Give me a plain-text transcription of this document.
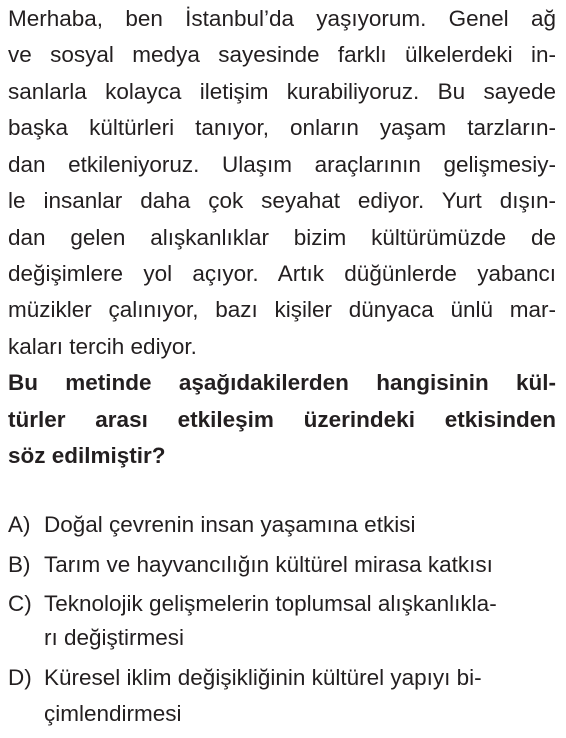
Merhaba, ben İstanbul’da yaşıyorum. Genel ağ
ve sosyal medya sayesinde farklı ülkelerdeki in-
sanlarla kolayca iletişim kurabiliyoruz. Bu sayede
başka kültürleri tanıyor, onların yaşam tarzların-
dan etkileniyoruz. Ulaşım araçlarının gelişmesiy-
le insanlar daha çok seyahat ediyor. Yurt dışın-
dan gelen alışkanlıklar bizim kültürümüzde de
değişimlere yol açıyor. Artık düğünlerde yabancı
müzikler çalınıyor, bazı kişiler dünyaca ünlü mar-
kaları tercih ediyor.
Bu metinde aşağıdakilerden hangisinin kül-
türler arası etkileşim üzerindeki etkisinden
söz edilmiştir?
A) Doğal çevrenin insan yaşamına etkisi
B) Tarım ve hayvancılığın kültürel mirasa katkısı
C) Teknolojik gelişmelerin toplumsal alışkanlıkla-
rı değiştirmesi
D) Küresel iklim değişikliğinin kültürel yapıyı bi-
çimlendirmesi
